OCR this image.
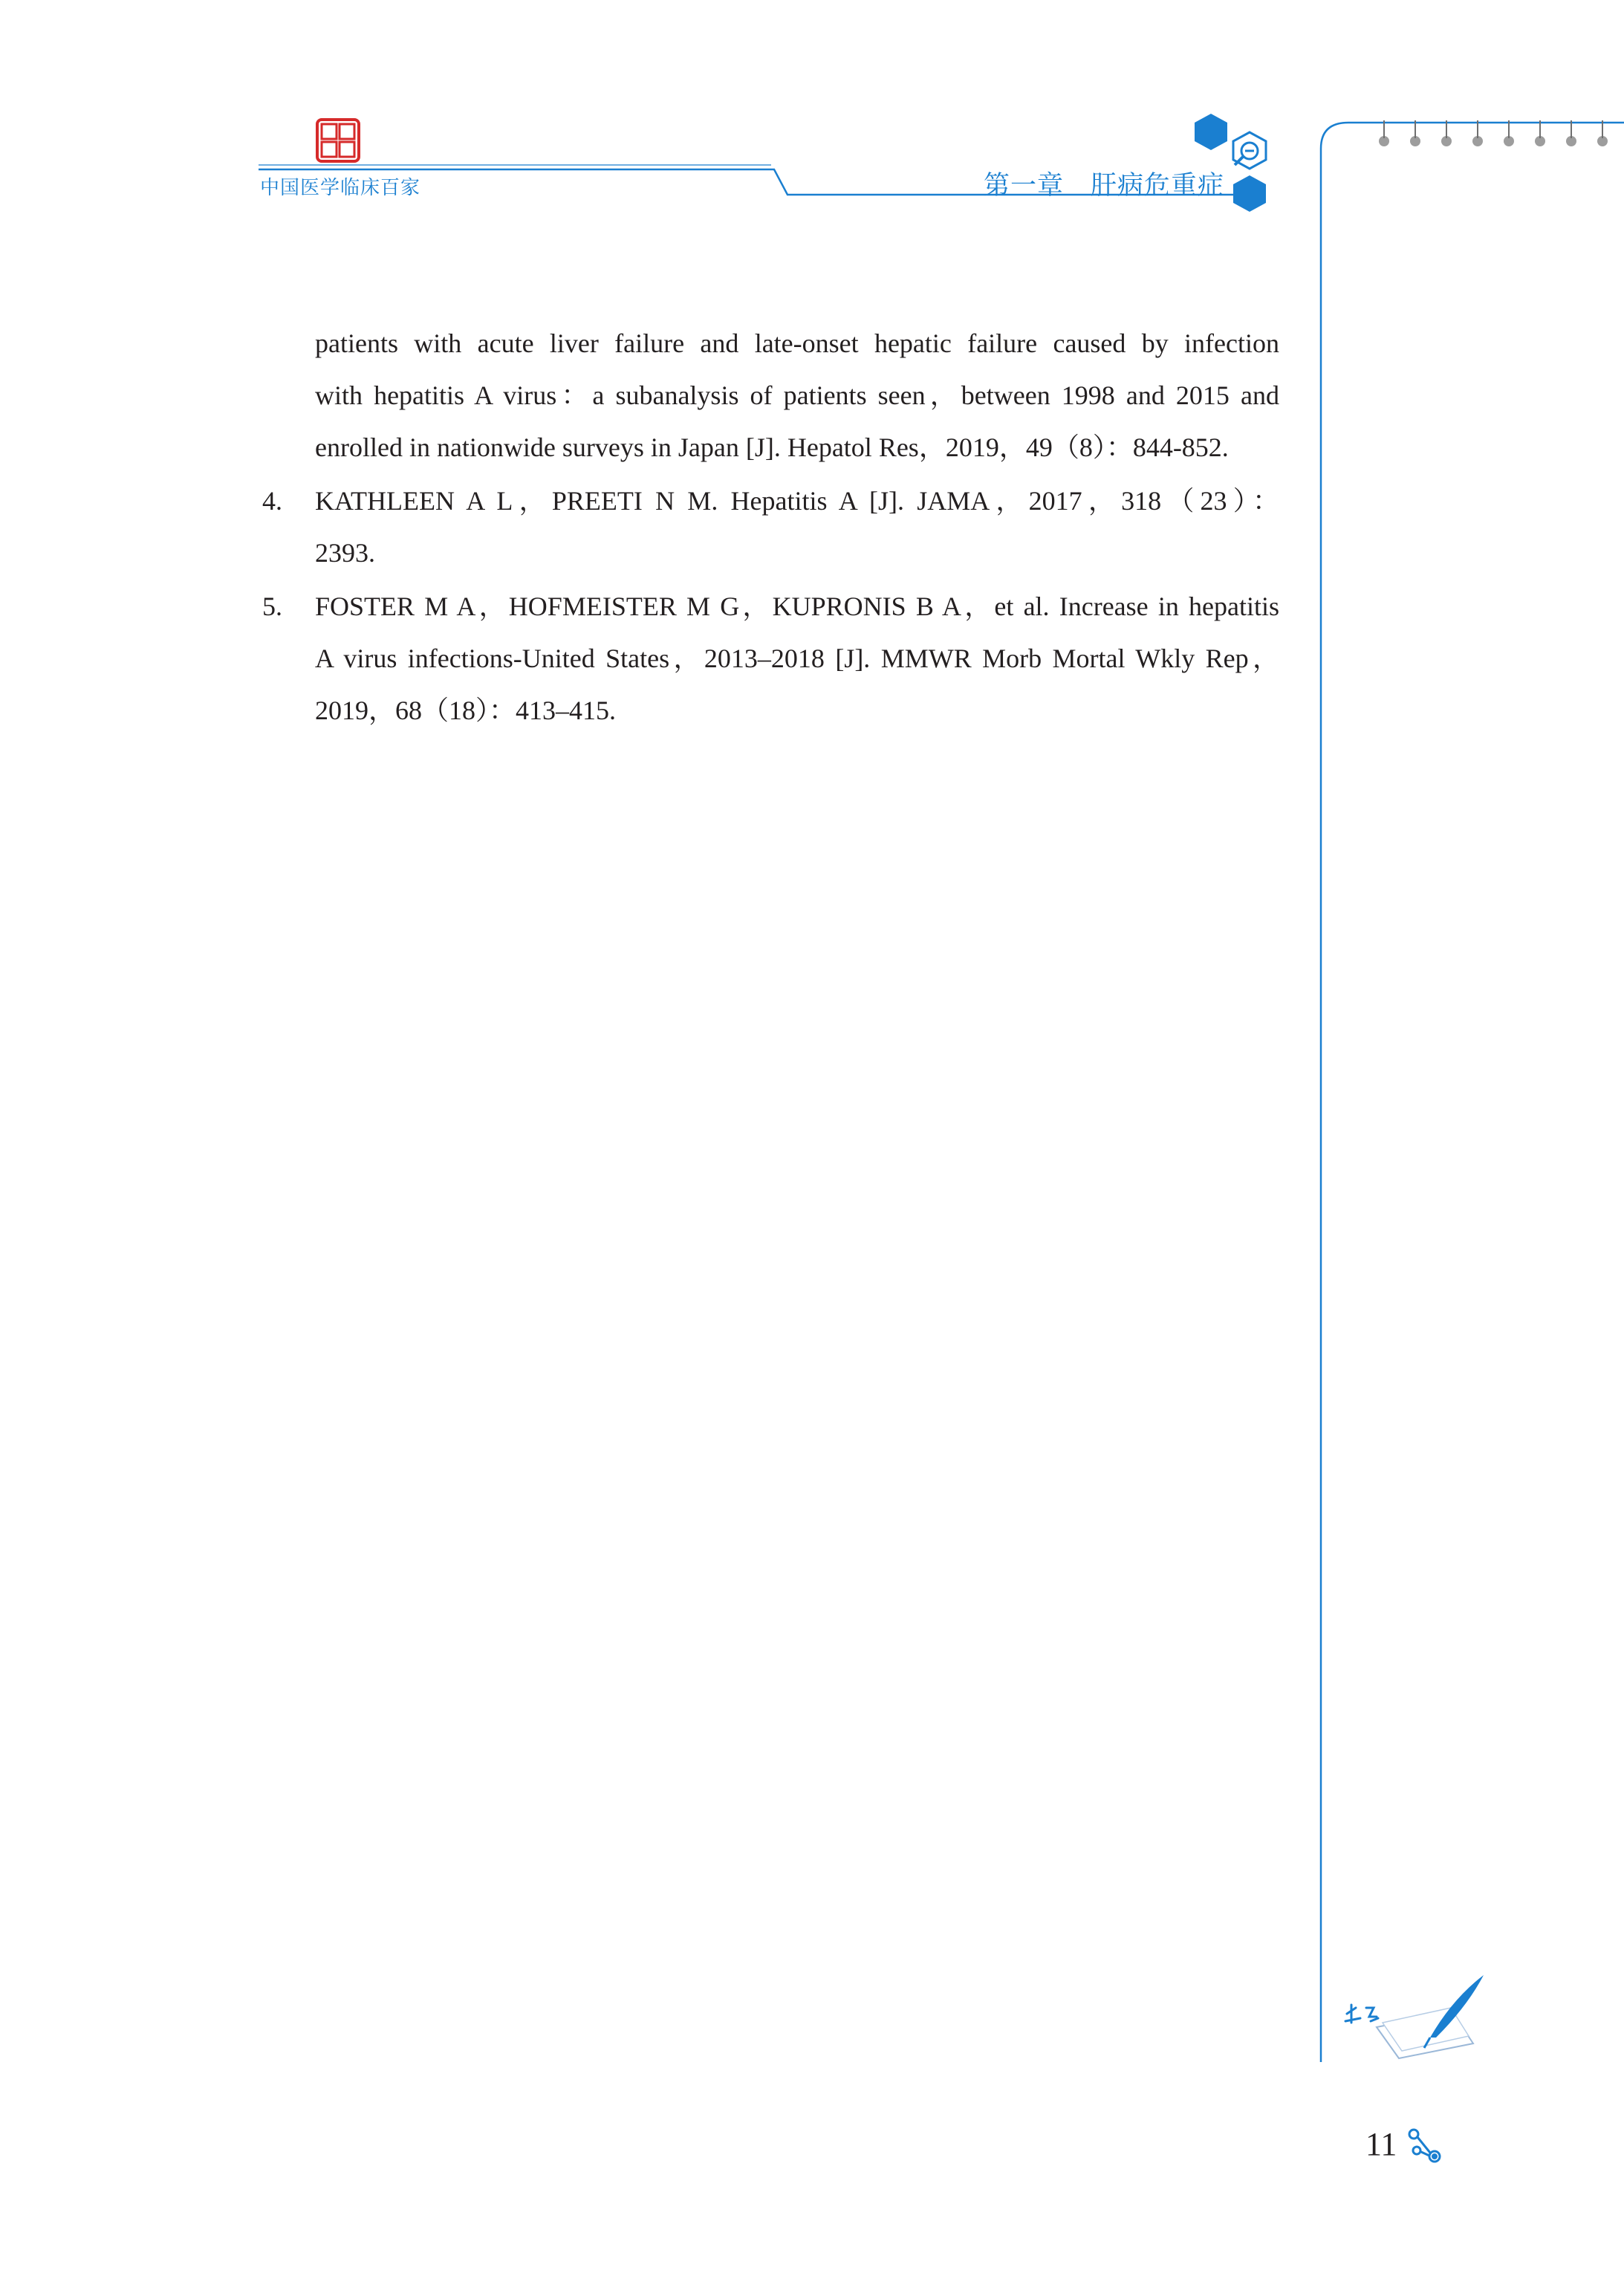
中国医学临床百家	第一章　肝病危重症
patients with acute liver failure and late-onset hepatic failure caused by infection
with hepatitis A virus：a subanalysis of patients seen，between 1998 and 2015 and
enrolled in nationwide surveys in Japan [J]. Hepatol Res，2019，49（8）：844-852.
4. KATHLEEN A L，PREETI N M. Hepatitis A [J]. JAMA，2017，318（23）：
2393.
5. FOSTER M A，HOFMEISTER M G，KUPRONIS B A，et al. Increase in hepatitis
A virus infections-United States，2013–2018 [J]. MMWR Morb Mortal Wkly Rep，
2019，68（18）：413–415.
11
